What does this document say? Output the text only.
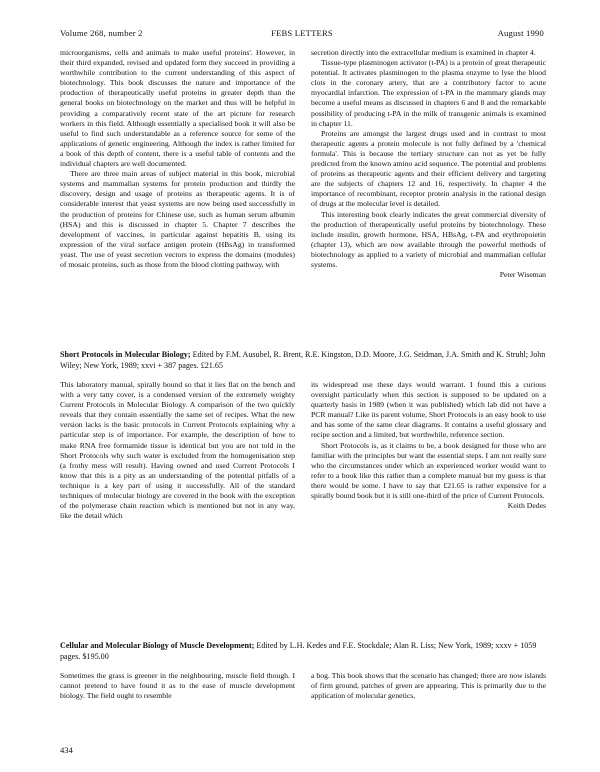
Volume 268, number 2	FEBS LETTERS	August 1990

microorganisms, cells and animals to make useful proteins'. However, in their third expanded, revised and updated form they succeed in providing a worthwhile contribution to the current understanding of this aspect of biotechnology. This book discusses the nature and importance of the production of therapeutically useful proteins in greater depth than the general books on biotechnology on the market and thus will be helpful in providing a comparatively recent state of the art picture for research workers in this field. Although essentially a specialised book it will also be useful to find such understandable as a reference source for some of the applications of genetic engineering. Although the index is rather limited for a book of this depth of content, there is a useful table of contents and the individual chapters are well documented.

There are three main areas of subject material in this book, microbial systems and mammalian systems for protein production and thirdly the discovery, design and usage of proteins as therapeutic agents. It is of considerable interest that yeast systems are now being used successfully in the production of proteins for Chinese use, such as human serum albumin (HSA) and this is discussed in chapter 5. Chapter 7 describes the development of vaccines, in particular against hepatitis B, using its expression of the viral surface antigen protein (HBsAg) in transformed yeast. The use of yeast secretion vectors to express the domains (modules) of mosaic proteins, such as those from the blood clotting pathway, with

secretion directly into the extracellular medium is examined in chapter 4.

Tissue-type plasminogen activator (t-PA) is a protein of great therapeutic potential. It activates plasminogen to the plasma enzyme to lyse the blood clots in the coronary artery, that are a contributory factor to acute myocardial infarction. The expression of t-PA in the mammary glands may become a useful means as discussed in chapters 6 and 8 and the remarkable possibility of producing t-PA in the milk of transgenic animals is examined in chapter 11.

Proteins are amongst the largest drugs used and in contrast to most therapeutic agents a protein molecule is not fully defined by a 'chemical formula'. This is because the tertiary structure can not as yet be fully predicted from the known amino acid sequence. The potential and problems of proteins as therapeutic agents and their efficient delivery and targeting are the subjects of chapters 12 and 16, respectively. In chapter 4 the importance of recombinant, receptor protein analysis in the rational design of drugs at the molecular level is detailed.

This interesting book clearly indicates the great commercial diversity of the production of therapeutically useful proteins by biotechnology. These include insulin, growth hormone, HSA, HBsAg, t-PA and erythropoietin (chapter 13), which are now available through the powerful methods of biotechnology as applied to a variety of microbial and mammalian cellular systems.

Peter Wiseman

Short Protocols in Molecular Biology; Edited by F.M. Ausubel, R. Brent, R.E. Kingston, D.D. Moore, J.G. Seidman, J.A. Smith and K. Struhl; John Wiley; New York, 1989; xxvi + 387 pages. £21.65

This laboratory manual, spirally bound so that it lies flat on the bench and with a very tatty cover, is a condensed version of the extremely weighty Current Protocols in Molecular Biology. A comparison of the two quickly reveals that they contain essentially the same set of recipes. What the new version lacks is the basic protocols in Current Protocols explaining why a particular step is of importance. For example, the description of how to make RNA free formamide tissue is identical but you are not told in the Short Protocols why such water is excluded from the homogenisation step (a frothy mess will result). Having owned and used Current Protocols I know that this is a pity as an understanding of the potential pitfalls of a technique is a key part of using it successfully. All of the standard techniques of molecular biology are covered in the book with the exception of the polymerase chain reaction which is mentioned but not in any way, like the detail which

its widespread use these days would warrant. I found this a curious oversight particularly when this section is supposed to be updated on a quarterly basis in 1989 (when it was published) which lab did not have a PCR manual? Like its parent volume, Short Protocols is an easy book to use and has some of the same clear diagrams. It contains a useful glossary and recipe section and a limited, but worthwhile, reference section.

Short Protocols is, as it claims to be, a book designed for those who are familiar with the principles but want the essential steps. I am not really sure who the circumstances under which an experienced worker would want to refer to a book like this rather than a complete manual but my guess is that there would be some. I have to say that £21.65 is rather expensive for a spirally bound book but it is still one-third of the price of Current Protocols.

Keith Dedes

Cellular and Molecular Biology of Muscle Development; Edited by L.H. Kedes and F.E. Stockdale; Alan R. Liss; New York, 1989; xxxv + 1059 pages. $195.00

Sometimes the grass is greener in the neighbouring, muscle field though. I cannot pretend to have found it as to the ease of muscle development biology. The field ought to resemble

a bog. This book shows that the scenario has changed; there are now islands of firm ground, patches of green are appearing. This is primarily due to the application of molecular genetics,

434
